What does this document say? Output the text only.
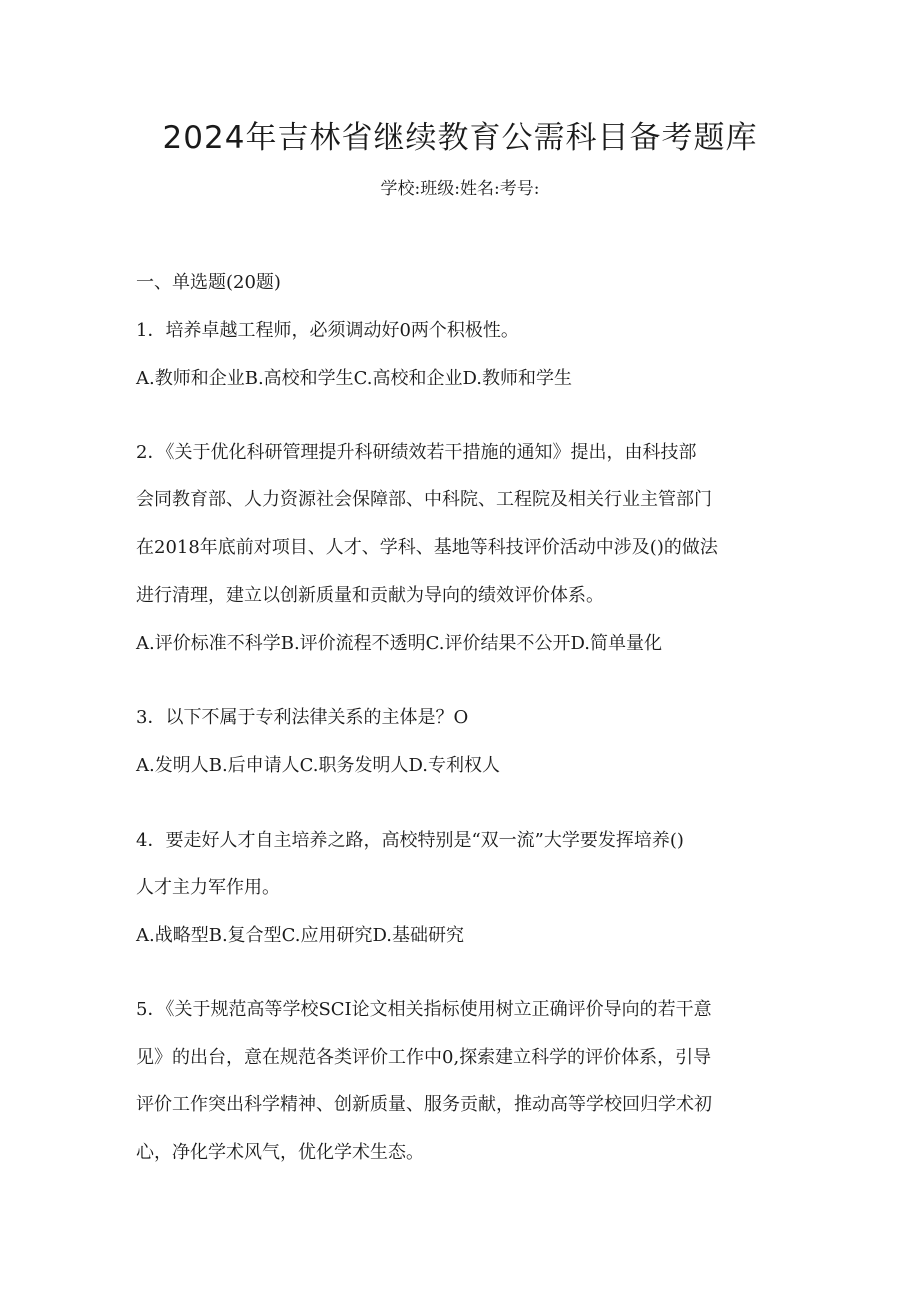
2024年吉林省继续教育公需科目备考题库
学校:班级:姓名:考号:
一、单选题(20题)
1．培养卓越工程师，必须调动好0两个积极性。
A.教师和企业B.高校和学生C.高校和企业D.教师和学生
2．《关于优化科研管理提升科研绩效若干措施的通知》提出，由科技部
会同教育部、人力资源社会保障部、中科院、工程院及相关行业主管部门
在2018年底前对项目、人才、学科、基地等科技评价活动中涉及()的做法
进行清理，建立以创新质量和贡献为导向的绩效评价体系。
A.评价标准不科学B.评价流程不透明C.评价结果不公开D.简单量化
3．以下不属于专利法律关系的主体是？O
A.发明人B.后申请人C.职务发明人D.专利权人
4．要走好人才自主培养之路，高校特别是“双一流”大学要发挥培养()
人才主力军作用。
A.战略型B.复合型C.应用研究D.基础研究
5．《关于规范高等学校SCI论文相关指标使用树立正确评价导向的若干意
见》的出台，意在规范各类评价工作中0,探索建立科学的评价体系，引导
评价工作突出科学精神、创新质量、服务贡献，推动高等学校回归学术初
心，净化学术风气，优化学术生态。
